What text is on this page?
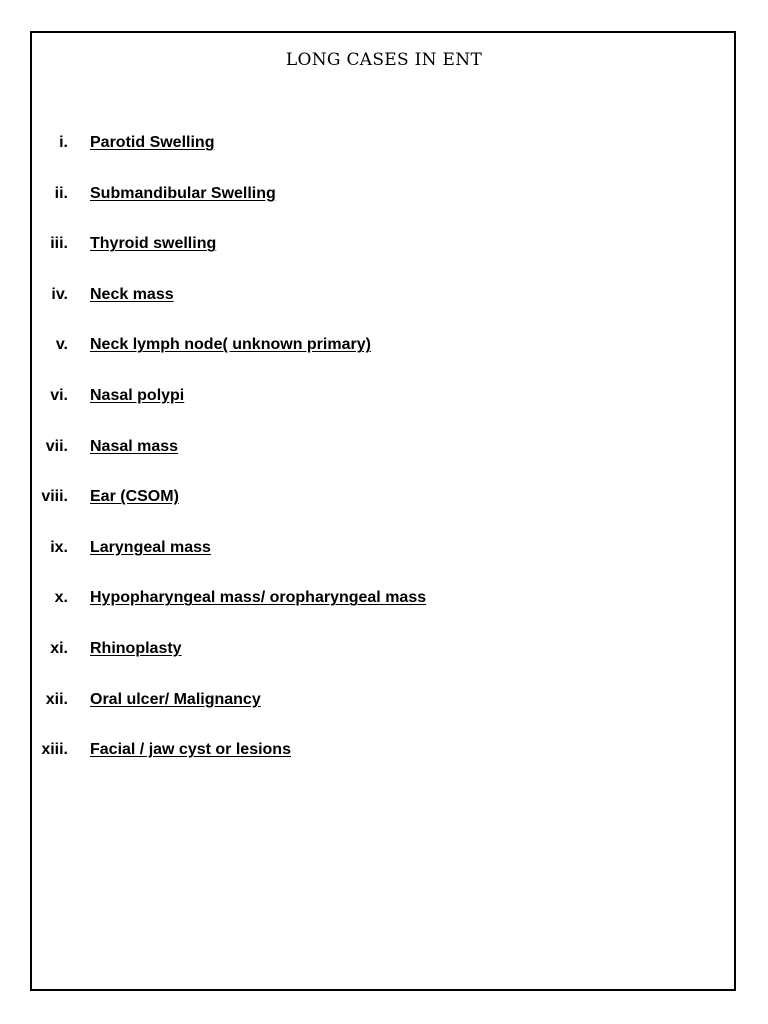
LONG CASES IN ENT
i. Parotid Swelling
ii. Submandibular Swelling
iii. Thyroid swelling
iv. Neck mass
v. Neck lymph node( unknown primary)
vi. Nasal polypi
vii. Nasal mass
viii. Ear (CSOM)
ix. Laryngeal mass
x. Hypopharyngeal mass/ oropharyngeal mass
xi. Rhinoplasty
xii. Oral ulcer/ Malignancy
xiii. Facial / jaw cyst or lesions
